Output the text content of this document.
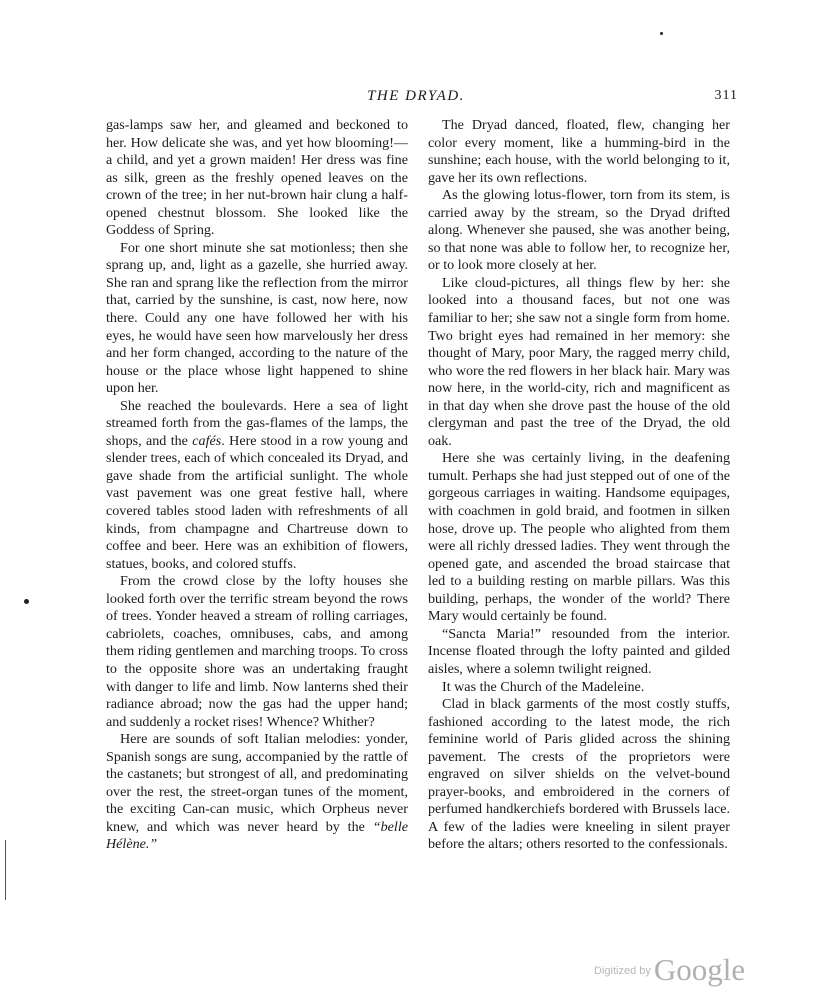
THE DRYAD.	311

gas-lamps saw her, and gleamed and beckoned to her. How delicate she was, and yet how blooming!—a child, and yet a grown maiden! Her dress was fine as silk, green as the freshly opened leaves on the crown of the tree; in her nut-brown hair clung a half-opened chestnut blossom. She looked like the Goddess of Spring.

For one short minute she sat motionless; then she sprang up, and, light as a gazelle, she hurried away. She ran and sprang like the reflection from the mirror that, carried by the sunshine, is cast, now here, now there. Could any one have followed her with his eyes, he would have seen how marvelously her dress and her form changed, according to the nature of the house or the place whose light happened to shine upon her.

She reached the boulevards. Here a sea of light streamed forth from the gas-flames of the lamps, the shops, and the cafés. Here stood in a row young and slender trees, each of which concealed its Dryad, and gave shade from the artificial sunlight. The whole vast pavement was one great festive hall, where covered tables stood laden with refreshments of all kinds, from champagne and Chartreuse down to coffee and beer. Here was an exhibition of flowers, statues, books, and colored stuffs.

From the crowd close by the lofty houses she looked forth over the terrific stream beyond the rows of trees. Yonder heaved a stream of rolling carriages, cabriolets, coaches, omnibuses, cabs, and among them riding gentlemen and marching troops. To cross to the opposite shore was an undertaking fraught with danger to life and limb. Now lanterns shed their radiance abroad; now the gas had the upper hand; and suddenly a rocket rises! Whence? Whither?

Here are sounds of soft Italian melodies: yonder, Spanish songs are sung, accompanied by the rattle of the castanets; but strongest of all, and predominating over the rest, the street-organ tunes of the moment, the exciting Can-can music, which Orpheus never knew, and which was never heard by the “belle Hélène.”

The Dryad danced, floated, flew, changing her color every moment, like a humming-bird in the sunshine; each house, with the world belonging to it, gave her its own reflections.

As the glowing lotus-flower, torn from its stem, is carried away by the stream, so the Dryad drifted along. Whenever she paused, she was another being, so that none was able to follow her, to recognize her, or to look more closely at her.

Like cloud-pictures, all things flew by her: she looked into a thousand faces, but not one was familiar to her; she saw not a single form from home. Two bright eyes had remained in her memory: she thought of Mary, poor Mary, the ragged merry child, who wore the red flowers in her black hair. Mary was now here, in the world-city, rich and magnificent as in that day when she drove past the house of the old clergyman and past the tree of the Dryad, the old oak.

Here she was certainly living, in the deafening tumult. Perhaps she had just stepped out of one of the gorgeous carriages in waiting. Handsome equipages, with coachmen in gold braid, and footmen in silken hose, drove up. The people who alighted from them were all richly dressed ladies. They went through the opened gate, and ascended the broad staircase that led to a building resting on marble pillars. Was this building, perhaps, the wonder of the world? There Mary would certainly be found.

“Sancta Maria!” resounded from the interior. Incense floated through the lofty painted and gilded aisles, where a solemn twilight reigned.

It was the Church of the Madeleine.

Clad in black garments of the most costly stuffs, fashioned according to the latest mode, the rich feminine world of Paris glided across the shining pavement. The crests of the proprietors were engraved on silver shields on the velvet-bound prayer-books, and embroidered in the corners of perfumed handkerchiefs bordered with Brussels lace. A few of the ladies were kneeling in silent prayer before the altars; others resorted to the confessionals.

$^{Digitized by}$Google
